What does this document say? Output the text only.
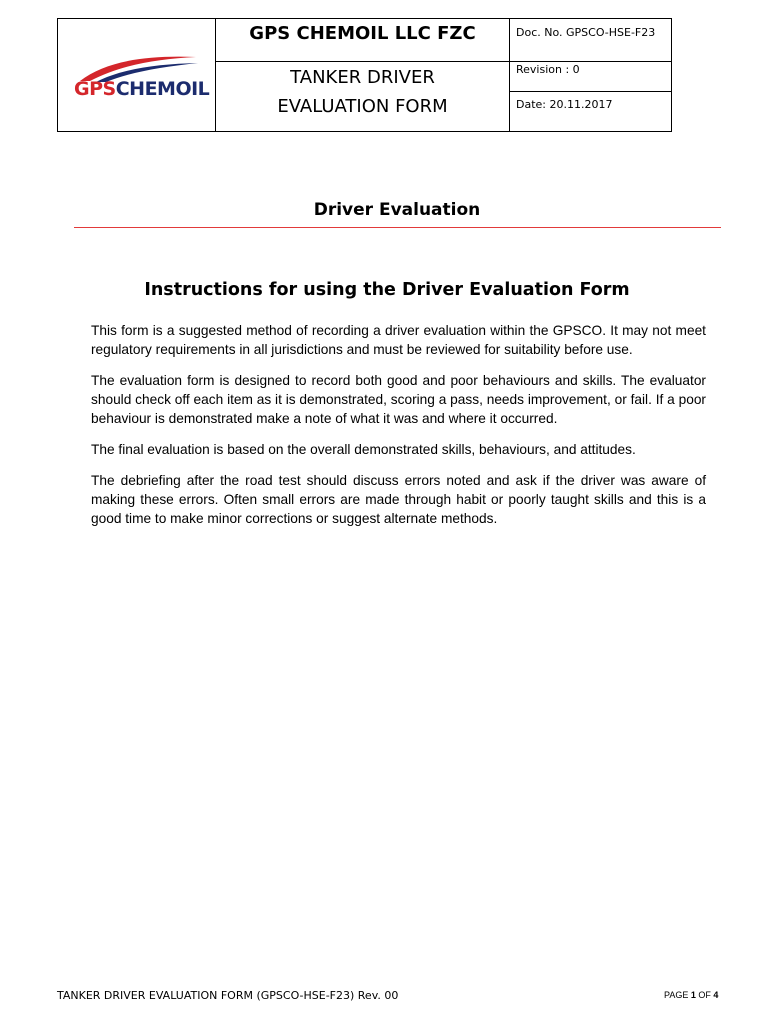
GPSCHEMOIL
GPS CHEMOIL LLC FZC
TANKER DRIVER
EVALUATION FORM
Doc. No. GPSCO-HSE-F23
Revision : 0
Date: 20.11.2017
Driver Evaluation
Instructions for using the Driver Evaluation Form

This form is a suggested method of recording a driver evaluation within the GPSCO. It may not meet regulatory requirements in all jurisdictions and must be reviewed for suitability before use.

The evaluation form is designed to record both good and poor behaviours and skills. The evaluator should check off each item as it is demonstrated, scoring a pass, needs improvement, or fail. If a poor behaviour is demonstrated make a note of what it was and where it occurred.

The final evaluation is based on the overall demonstrated skills, behaviours, and attitudes.

The debriefing after the road test should discuss errors noted and ask if the driver was aware of making these errors. Often small errors are made through habit or poorly taught skills and this is a good time to make minor corrections or suggest alternate methods.

TANKER DRIVER EVALUATION FORM (GPSCO-HSE-F23) Rev. 00	PAGE 1 OF 4
